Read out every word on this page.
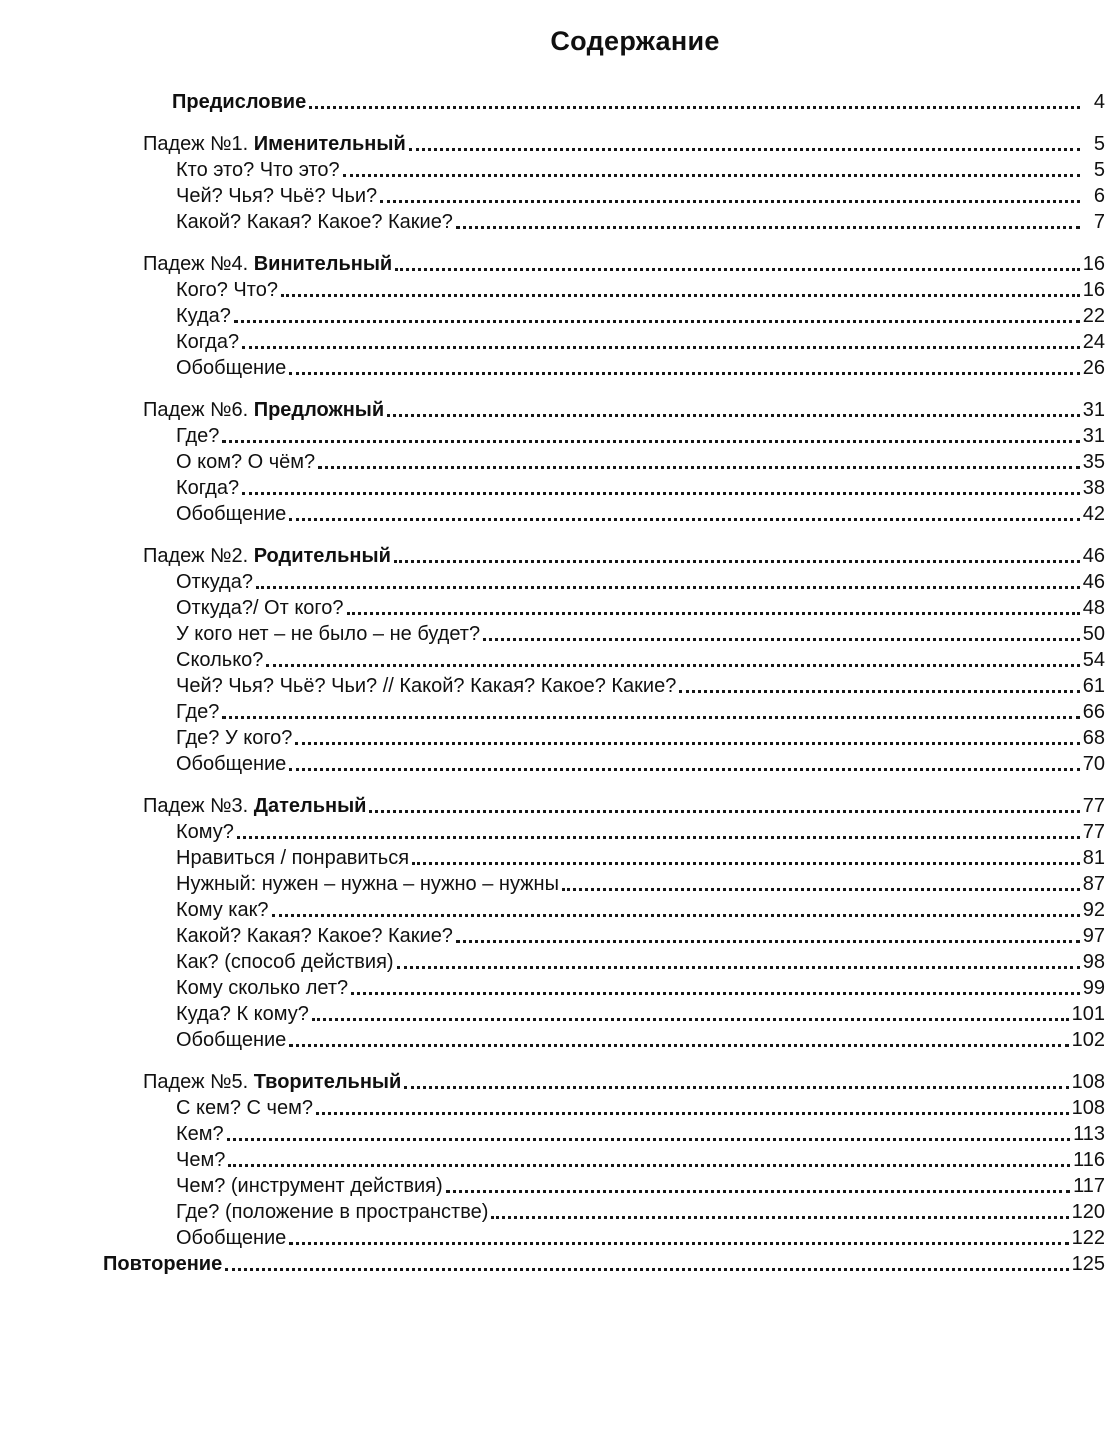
Содержание
Предисловие	4
Падеж №1. Именительный	5
Кто это? Что это?	5
Чей? Чья? Чьё? Чьи?	6
Какой? Какая? Какое? Какие?	7
Падеж №4. Винительный	16
Кого? Что?	16
Куда?	22
Когда?	24
Обобщение	26
Падеж №6. Предложный	31
Где?	31
О ком? О чём?	35
Когда?	38
Обобщение	42
Падеж №2. Родительный	46
Откуда?	46
Откуда?/ От кого?	48
У кого нет – не было – не будет?	50
Сколько?	54
Чей? Чья? Чьё? Чьи? // Какой? Какая? Какое? Какие?	61
Где?	66
Где? У кого?	68
Обобщение	70
Падеж №3. Дательный	77
Кому?	77
Нравиться / понравиться	81
Нужный: нужен – нужна – нужно – нужны	87
Кому как?	92
Какой? Какая? Какое? Какие?	97
Как? (способ действия)	98
Кому сколько лет?	99
Куда? К кому?	101
Обобщение	102
Падеж №5. Творительный	108
С кем? С чем?	108
Кем?	113
Чем?	116
Чем? (инструмент действия)	117
Где? (положение в пространстве)	120
Обобщение	122
Повторение	125
